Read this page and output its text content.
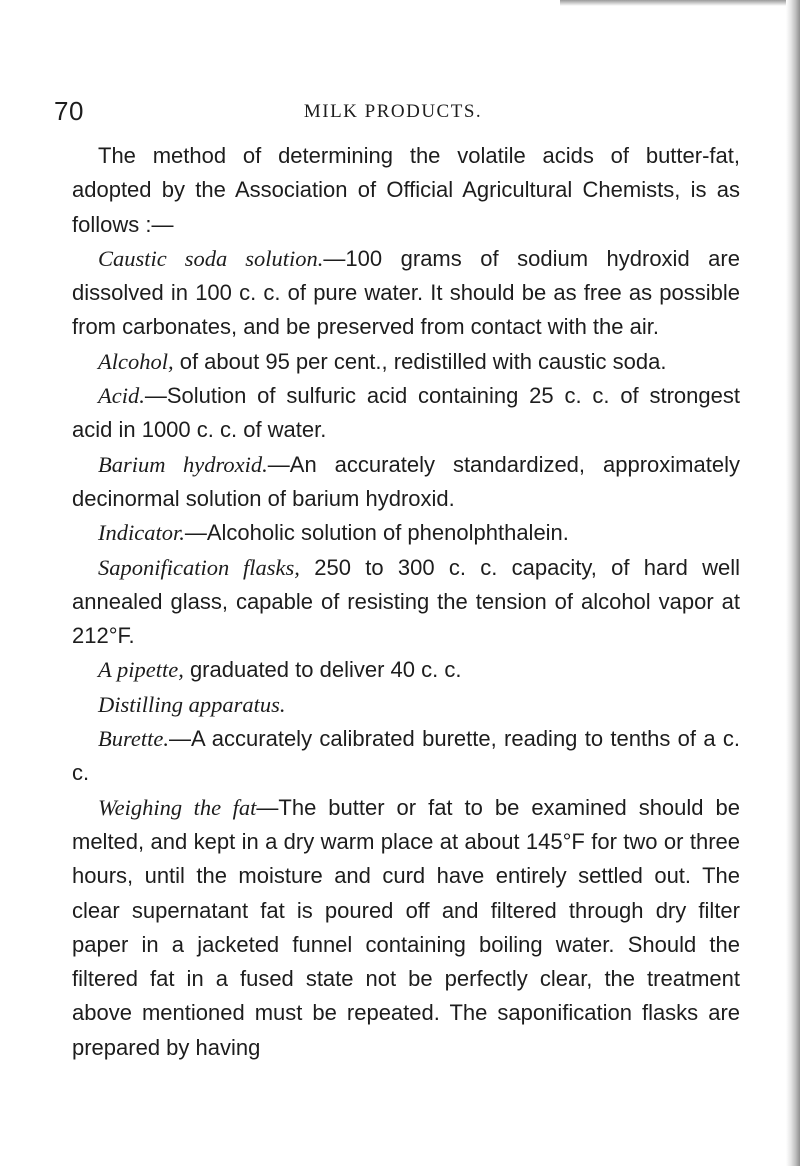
70	MILK PRODUCTS.

The method of determining the volatile acids of butter-fat, adopted by the Association of Official Agricultural Chemists, is as follows :—

Caustic soda solution.—100 grams of sodium hydroxid are dissolved in 100 c. c. of pure water. It should be as free as possible from carbonates, and be preserved from contact with the air.

Alcohol, of about 95 per cent., redistilled with caustic soda.

Acid.—Solution of sulfuric acid containing 25 c. c. of strongest acid in 1000 c. c. of water.

Barium hydroxid.—An accurately standardized, approximately decinormal solution of barium hydroxid.

Indicator.—Alcoholic solution of phenolphthalein.

Saponification flasks, 250 to 300 c. c. capacity, of hard well annealed glass, capable of resisting the tension of alcohol vapor at 212°F.

A pipette, graduated to deliver 40 c. c.

Distilling apparatus.

Burette.—A accurately calibrated burette, reading to tenths of a c. c.

Weighing the fat—The butter or fat to be examined should be melted, and kept in a dry warm place at about 145°F for two or three hours, until the moisture and curd have entirely settled out. The clear supernatant fat is poured off and filtered through dry filter paper in a jacketed funnel containing boiling water. Should the filtered fat in a fused state not be perfectly clear, the treatment above mentioned must be repeated. The saponification flasks are prepared by having
